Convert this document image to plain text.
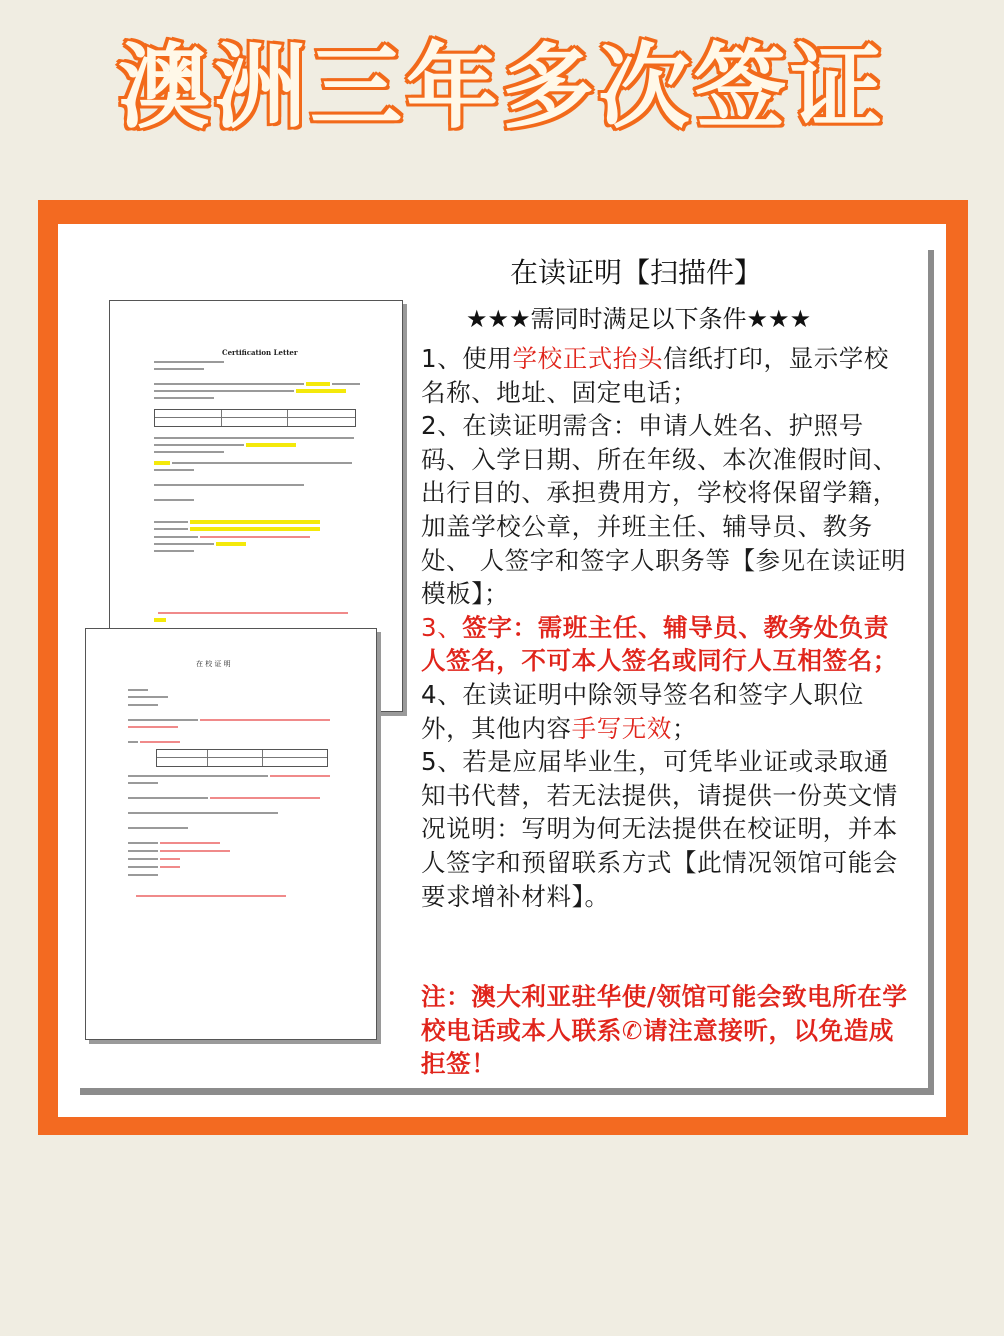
澳洲三年多次签证
Certification Letter
在 校 证 明
在读证明【扫描件】
★★★需同时满足以下条件★★★

1、使用学校正式抬头信纸打印，显示学校名称、地址、固定电话；

2、在读证明需含：申请人姓名、护照号码、入学日期、所在年级、本次准假时间、出行目的、承担费用方，学校将保留学籍，加盖学校公章，并班主任、辅导员、教务处、 人签字和签字人职务等【参见在读证明模板】；

3、签字：需班主任、辅导员、教务处负责人签名，不可本人签名或同行人互相签名；

4、在读证明中除领导签名和签字人职位外，其他内容手写无效；

5、若是应届毕业生，可凭毕业证或录取通知书代替，若无法提供，请提供一份英文情况说明：写明为何无法提供在校证明，并本人签字和预留联系方式【此情况领馆可能会要求增补材料】。

注：澳大利亚驻华使/领馆可能会致电所在学校电话或本人联系✆请注意接听，以免造成拒签！
